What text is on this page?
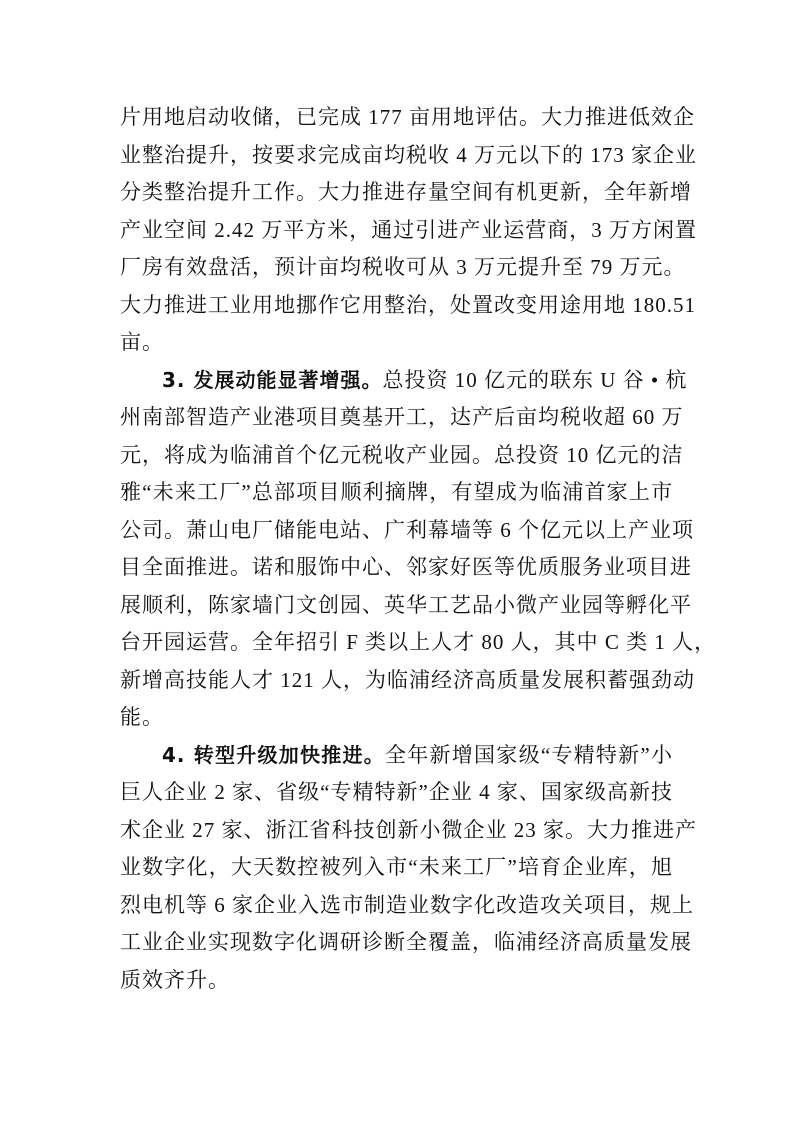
片用地启动收储，已完成 177 亩用地评估。大力推进低效企
业整治提升，按要求完成亩均税收 4 万元以下的 173 家企业
分类整治提升工作。大力推进存量空间有机更新，全年新增
产业空间 2.42 万平方米，通过引进产业运营商，3 万方闲置
厂房有效盘活，预计亩均税收可从 3 万元提升至 79 万元。
大力推进工业用地挪作它用整治，处置改变用途用地 180.51
亩。
3. 发展动能显著增强。总投资 10 亿元的联东 U 谷 • 杭
州南部智造产业港项目奠基开工，达产后亩均税收超 60 万
元，将成为临浦首个亿元税收产业园。总投资 10 亿元的洁
雅“未来工厂”总部项目顺利摘牌，有望成为临浦首家上市
公司。萧山电厂储能电站、广利幕墙等 6 个亿元以上产业项
目全面推进。诺和服饰中心、邻家好医等优质服务业项目进
展顺利，陈家墙门文创园、英华工艺品小微产业园等孵化平
台开园运营。全年招引 F 类以上人才 80 人，其中 C 类 1 人，
新增高技能人才 121 人，为临浦经济高质量发展积蓄强劲动
能。
4. 转型升级加快推进。全年新增国家级“专精特新”小
巨人企业 2 家、省级“专精特新”企业 4 家、国家级高新技
术企业 27 家、浙江省科技创新小微企业 23 家。大力推进产
业数字化，大天数控被列入市“未来工厂”培育企业库，旭
烈电机等 6 家企业入选市制造业数字化改造攻关项目，规上
工业企业实现数字化调研诊断全覆盖，临浦经济高质量发展
质效齐升。
